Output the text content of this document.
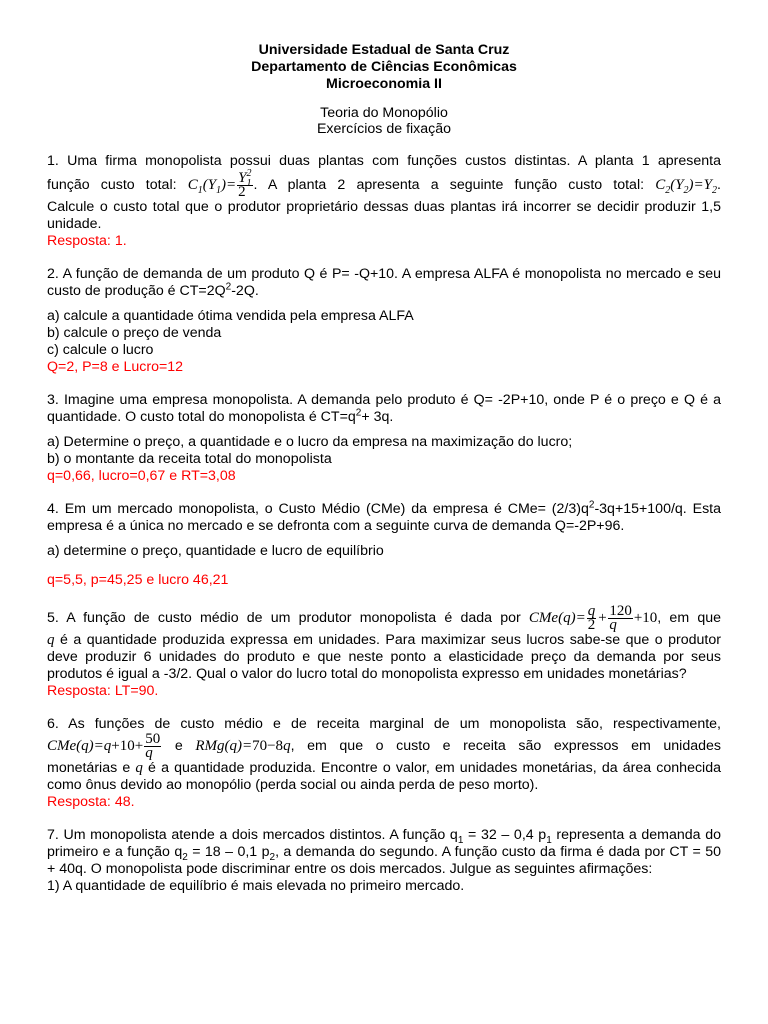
Universidade Estadual de Santa Cruz
Departamento de Ciências Econômicas
Microeconomia II
Teoria do Monopólio
Exercícios de fixação

1. Uma firma monopolista possui duas plantas com funções custos distintas. A planta 1 apresenta

função custo total: $C_1(Y_1)= \frac{Y_1^2}{2}$ . A planta 2 apresenta a seguinte função custo total: $C_2(Y_2)=Y_2$.

Calcule o custo total que o produtor proprietário dessas duas plantas irá incorrer se decidir produzir 1,5 unidade.

Resposta: 1.

2. A função de demanda de um produto Q é P= -Q+10. A empresa ALFA é monopolista no mercado e seu custo de produção é $CT=2Q^2-2Q$.

a) calcule a quantidade ótima vendida pela empresa ALFA

b) calcule o preço de venda

c) calcule o lucro

Q=2, P=8 e Lucro=12

3. Imagine uma empresa monopolista. A demanda pelo produto é Q= -2P+10, onde P é o preço e Q é a quantidade. O custo total do monopolista é $CT=q^2+ 3q$.

a) Determine o preço, a quantidade e o lucro da empresa na maximização do lucro;

b) o montante da receita total do monopolista

q=0,66, lucro=0,67 e RT=3,08

4. Em um mercado monopolista, o Custo Médio (CMe) da empresa é $CMe= (2/3)q^2-3q+15+100/q$. Esta empresa é a única no mercado e se defronta com a seguinte curva de demanda Q=-2P+96.

a) determine o preço, quantidade e lucro de equilíbrio

q=5,5, p=45,25 e lucro 46,21

5. A função de custo médio de um produtor monopolista é dada por $CMe(q)= \frac{q}{2} + \frac{120}{q} +10$, em que

q é a quantidade produzida expressa em unidades. Para maximizar seus lucros sabe-se que o produtor deve produzir 6 unidades do produto e que neste ponto a elasticidade preço da demanda por seus produtos é igual a -3/2. Qual o valor do lucro total do monopolista expresso em unidades monetárias?

Resposta: LT=90.

6. As funções de custo médio e de receita marginal de um monopolista são, respectivamente,

$CMe(q)=q+10+ \frac{50}{q}$ e RMg(q)=70−8q, em que o custo e receita são expressos em unidades

monetárias e q é a quantidade produzida. Encontre o valor, em unidades monetárias, da área conhecida como ônus devido ao monopólio (perda social ou ainda perda de peso morto).

Resposta: 48.

7. Um monopolista atende a dois mercados distintos. A função $q_1 = 32 - 0,4$ $p_1$ representa a demanda do primeiro e a função $q_2 = 18 - 0,1$ $p_2$, a demanda do segundo. A função custo da firma é dada por CT = 50 + 40q. O monopolista pode discriminar entre os dois mercados. Julgue as seguintes afirmações:

1) A quantidade de equilíbrio é mais elevada no primeiro mercado.
